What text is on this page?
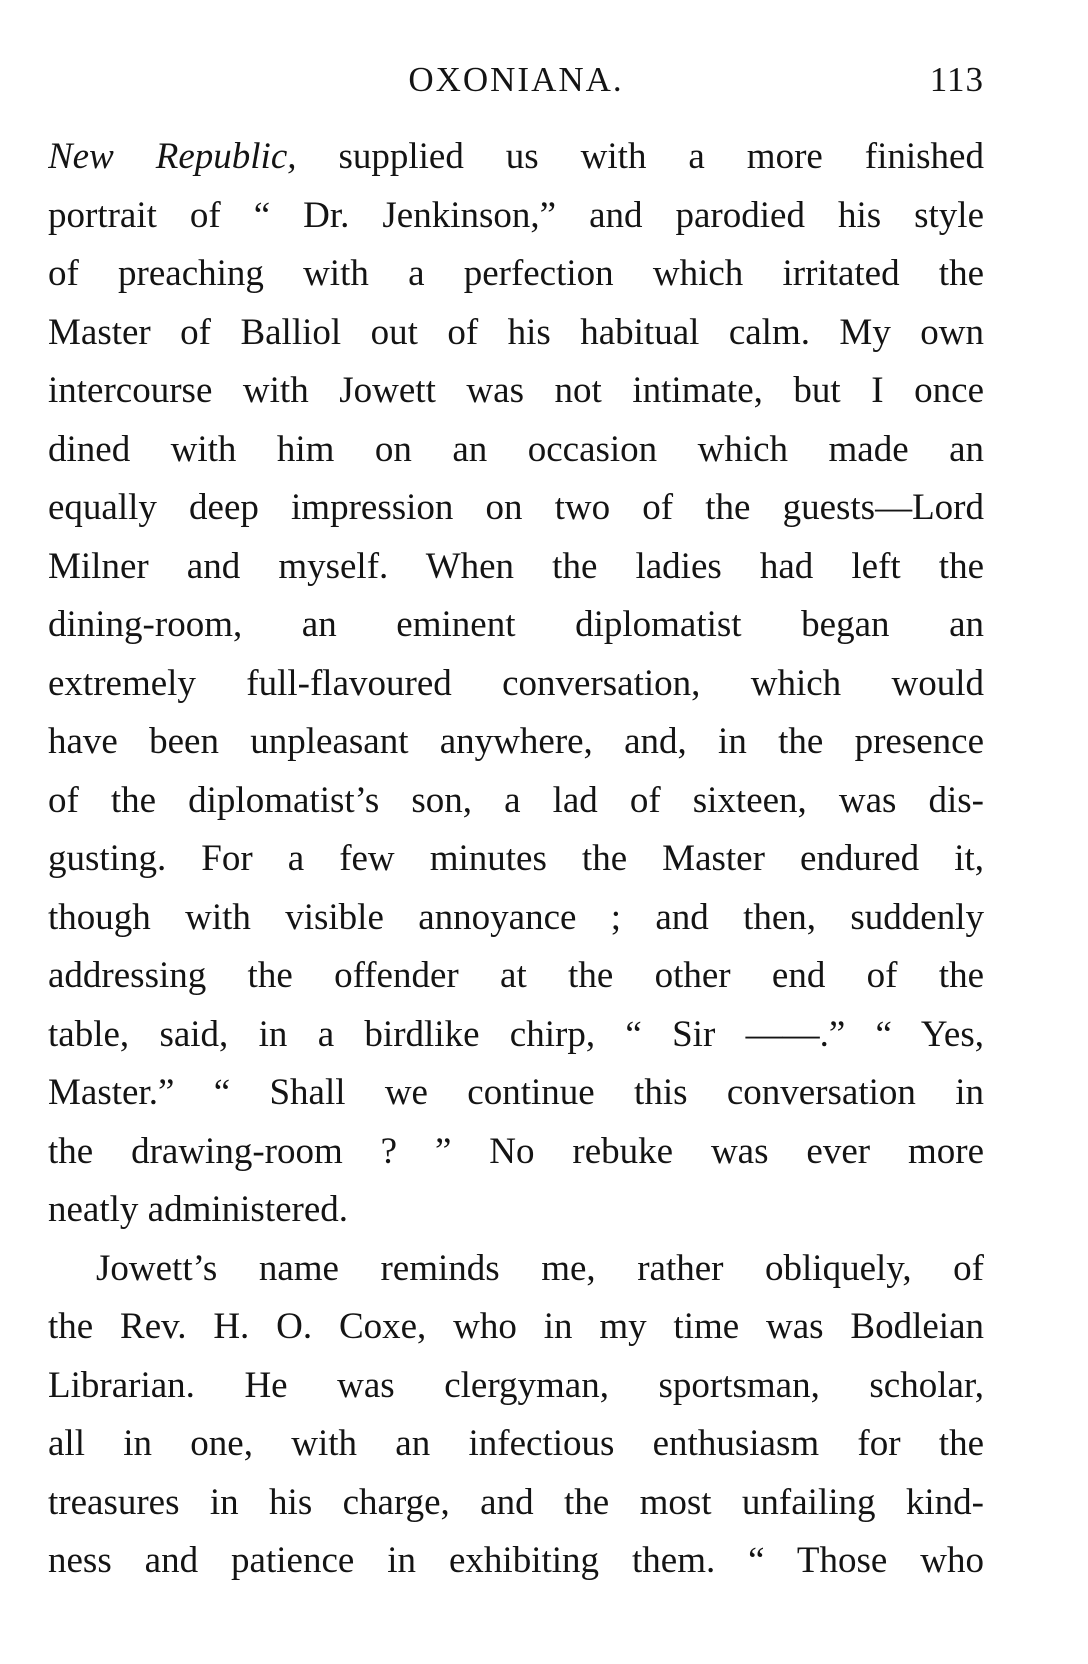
OXONIANA.	113
New Republic, supplied us with a more finished
portrait of “ Dr. Jenkinson,” and parodied his style
of preaching with a perfection which irritated the
Master of Balliol out of his habitual calm. My own
intercourse with Jowett was not intimate, but I once
dined with him on an occasion which made an
equally deep impression on two of the guests—Lord
Milner and myself. When the ladies had left the
dining-room, an eminent diplomatist began an
extremely full-flavoured conversation, which would
have been unpleasant anywhere, and, in the presence
of the diplomatist’s son, a lad of sixteen, was dis-
gusting. For a few minutes the Master endured it,
though with visible annoyance ; and then, suddenly
addressing the offender at the other end of the
table, said, in a birdlike chirp, “ Sir ——.” “ Yes,
Master.” “ Shall we continue this conversation in
the drawing-room ? ” No rebuke was ever more
neatly administered.
Jowett’s name reminds me, rather obliquely, of
the Rev. H. O. Coxe, who in my time was Bodleian
Librarian. He was clergyman, sportsman, scholar,
all in one, with an infectious enthusiasm for the
treasures in his charge, and the most unfailing kind-
ness and patience in exhibiting them. “ Those who
